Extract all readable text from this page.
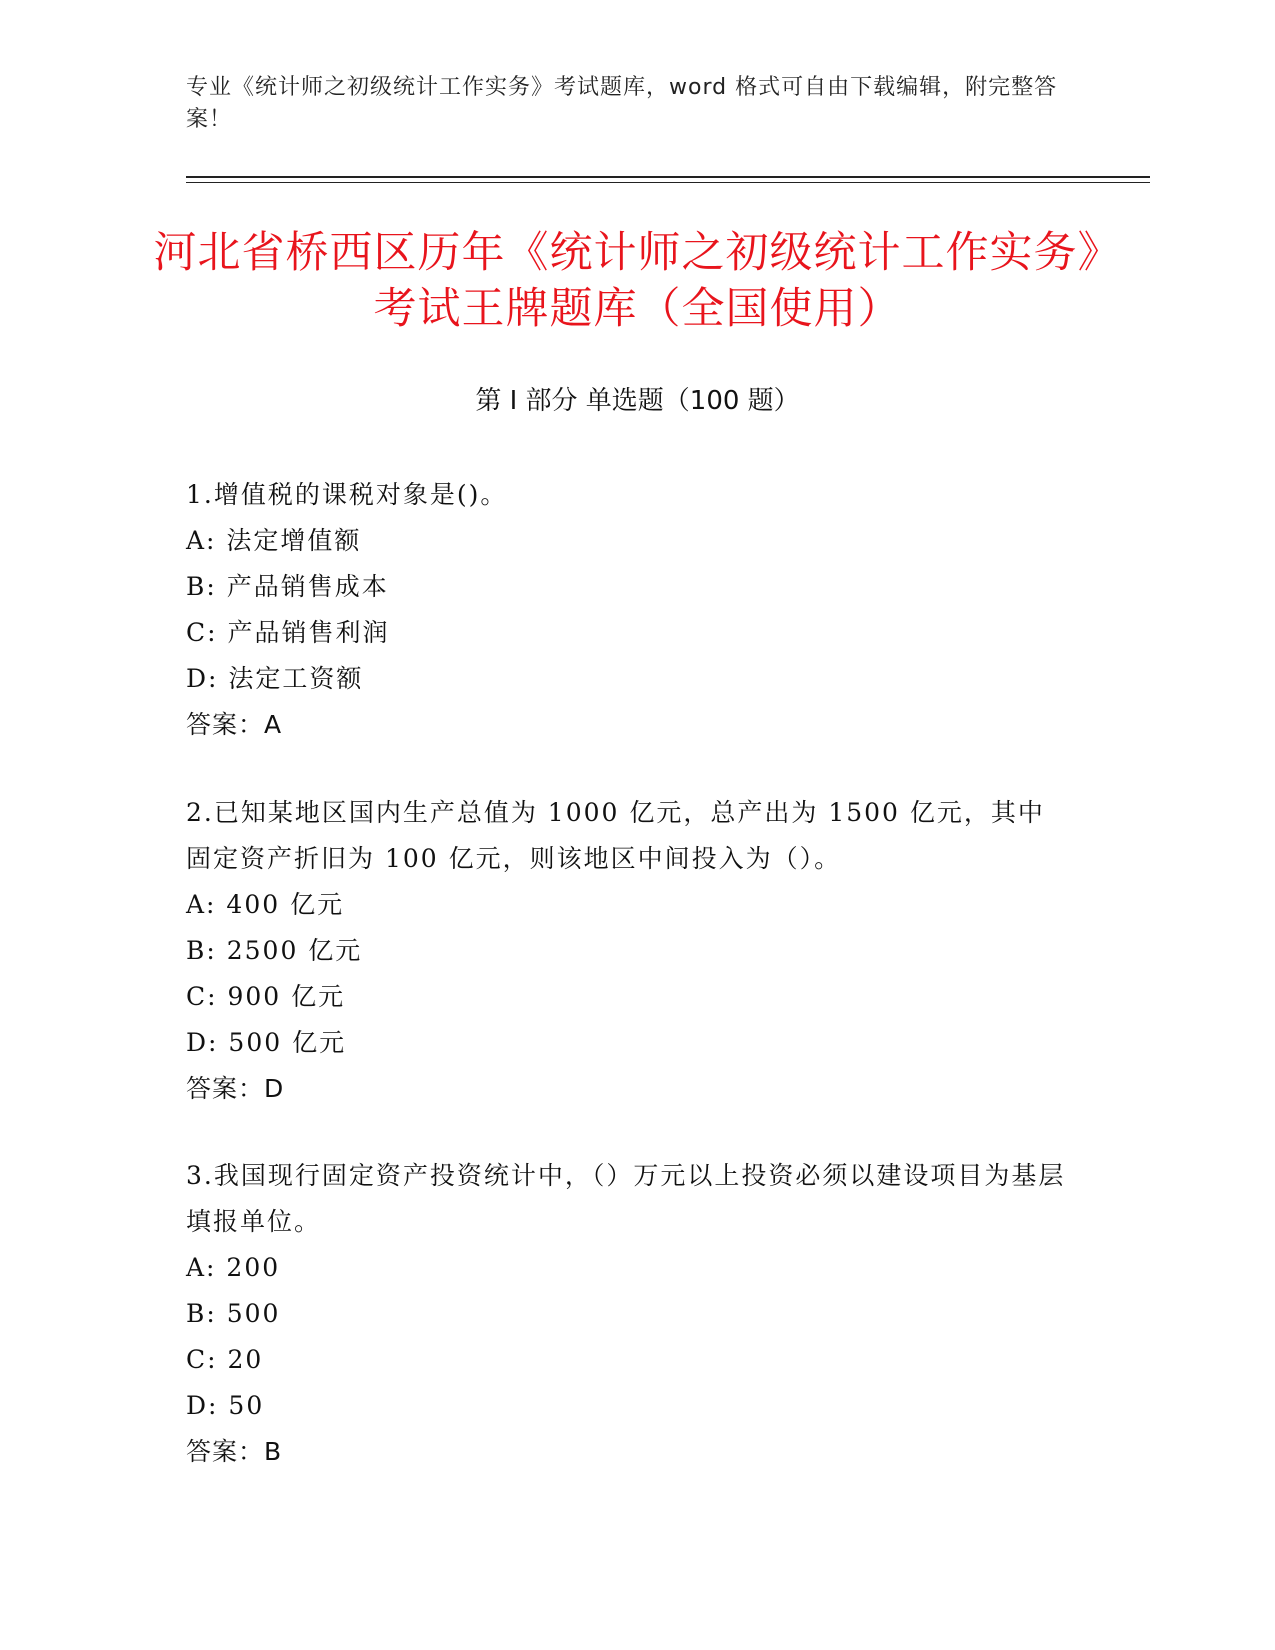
专业《统计师之初级统计工作实务》考试题库，word 格式可自由下载编辑，附完整答案！
河北省桥西区历年《统计师之初级统计工作实务》考试王牌题库（全国使用）
第 I 部分 单选题（100 题）
1.增值税的课税对象是()。
A: 法定增值额
B: 产品销售成本
C: 产品销售利润
D: 法定工资额
答案：A
2.已知某地区国内生产总值为 1000 亿元，总产出为 1500 亿元，其中固定资产折旧为 100 亿元，则该地区中间投入为（）。
A: 400 亿元
B: 2500 亿元
C: 900 亿元
D: 500 亿元
答案：D
3.我国现行固定资产投资统计中，（）万元以上投资必须以建设项目为基层填报单位。
A: 200
B: 500
C: 20
D: 50
答案：B
